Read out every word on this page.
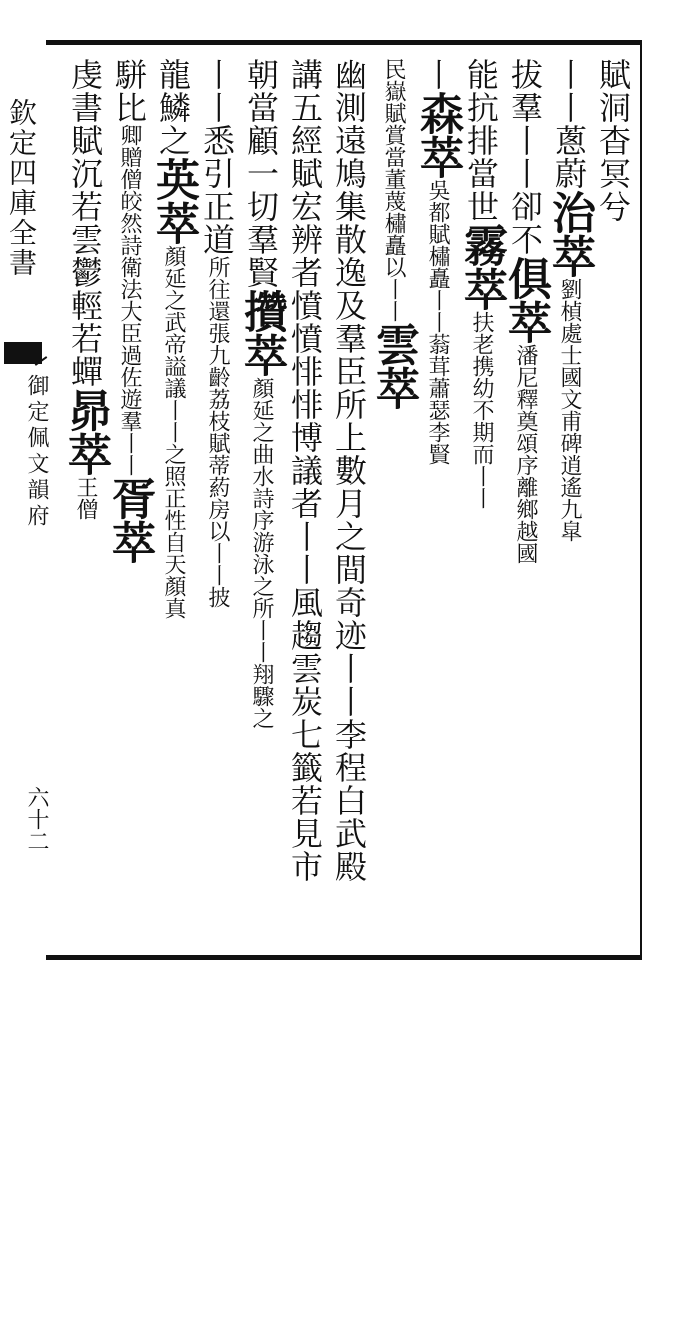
欽定四庫全書
御定佩文韻府
六十二
賦洞杳冥兮
丨丨蔥蔚治萃劉楨處士國文甫碑逍遙九皐
拔羣丨丨卻不俱萃潘尼釋奠頌序離鄉越國
能抗排當世霧萃扶老携幼不期而丨丨
丨森萃吳都賦橚矗丨丨蓊茸蕭瑟李賢
民嶽賦賞當董蔑橚矗以丨丨雲萃
幽測遠鳩集散逸及羣臣所上數月之間奇迹丨丨李程白武殿
講五經賦宏辨者憤憤悱悱博議者丨丨風趨雲炭七籤若見市
朝當顧一切羣賢攢萃顏延之曲水詩序游泳之所丨丨翔驟之
丨丨悉引正道所往還張九齡荔枝賦蒂葯房以丨丨披
龍鱗之英萃顏延之武帝謚議丨丨之照正性自天顏真
駢比卿贈僧皎然詩衛法大臣過佐遊羣丨丨胥萃
虔書賦沉若雲鬱輕若蟬昴萃王僧
